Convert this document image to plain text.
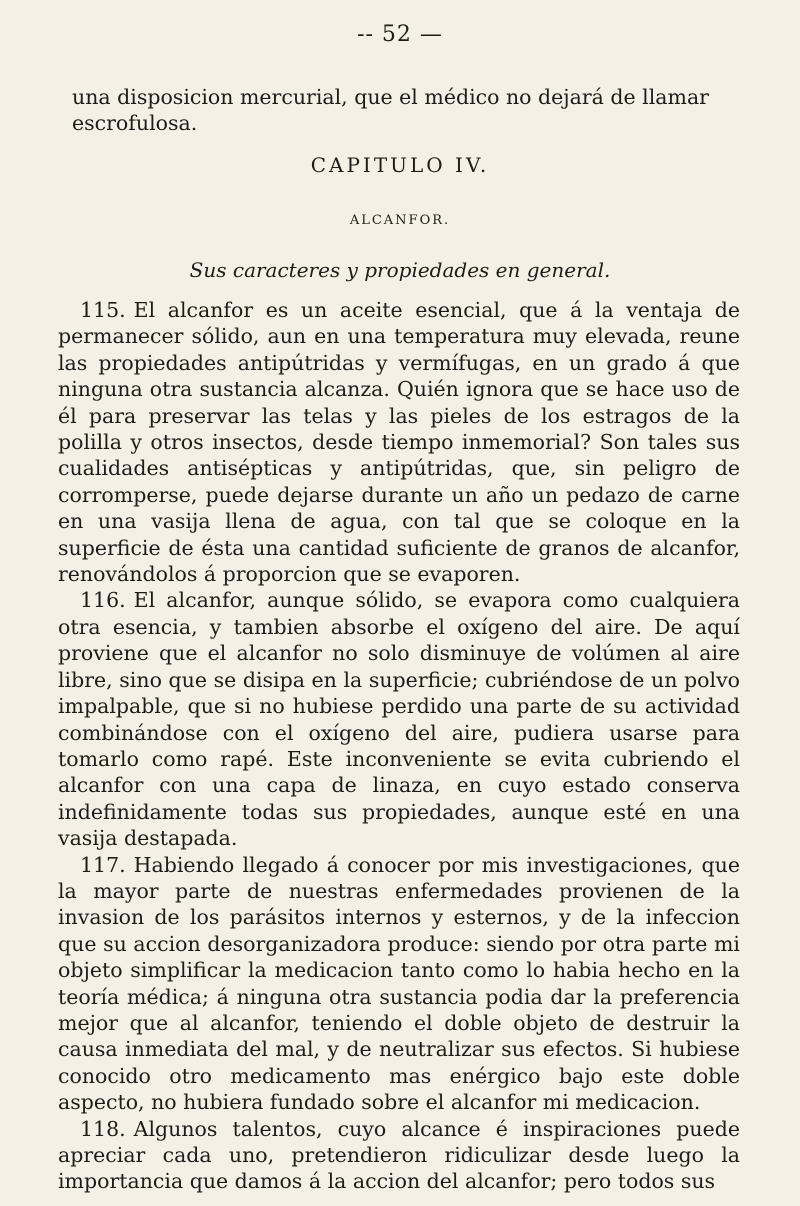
-- 52 —
una disposicion mercurial, que el médico no dejará de llamar escrofulosa.
CAPITULO IV.
ALCANFOR.
Sus caracteres y propiedades en general.

115. El alcanfor es un aceite esencial, que á la ventaja de permanecer sólido, aun en una temperatura muy elevada, reune las propiedades antipútridas y vermífugas, en un grado á que ninguna otra sustancia alcanza. Quién ignora que se hace uso de él para preservar las telas y las pieles de los estragos de la polilla y otros insectos, desde tiempo inmemorial? Son tales sus cualidades antisépticas y antipútridas, que, sin peligro de corromperse, puede dejarse durante un año un pedazo de carne en una vasija llena de agua, con tal que se coloque en la superficie de ésta una cantidad suficiente de granos de alcanfor, renovándolos á proporcion que se evaporen.

116. El alcanfor, aunque sólido, se evapora como cualquiera otra esencia, y tambien absorbe el oxígeno del aire. De aquí proviene que el alcanfor no solo disminuye de volúmen al aire libre, sino que se disipa en la superficie; cubriéndose de un polvo impalpable, que si no hubiese perdido una parte de su actividad combinándose con el oxígeno del aire, pudiera usarse para tomarlo como rapé. Este inconveniente se evita cubriendo el alcanfor con una capa de linaza, en cuyo estado conserva indefinidamente todas sus propiedades, aunque esté en una vasija destapada.

117. Habiendo llegado á conocer por mis investigaciones, que la mayor parte de nuestras enfermedades provienen de la invasion de los parásitos internos y esternos, y de la infeccion que su accion desorganizadora produce: siendo por otra parte mi objeto simplificar la medicacion tanto como lo habia hecho en la teoría médica; á ninguna otra sustancia podia dar la preferencia mejor que al alcanfor, teniendo el doble objeto de destruir la causa inmediata del mal, y de neutralizar sus efectos. Si hubiese conocido otro medicamento mas enérgico bajo este doble aspecto, no hubiera fundado sobre el alcanfor mi medicacion.

118. Algunos talentos, cuyo alcance é inspiraciones puede apreciar cada uno, pretendieron ridiculizar desde luego la importancia que damos á la accion del alcanfor; pero todos sus
